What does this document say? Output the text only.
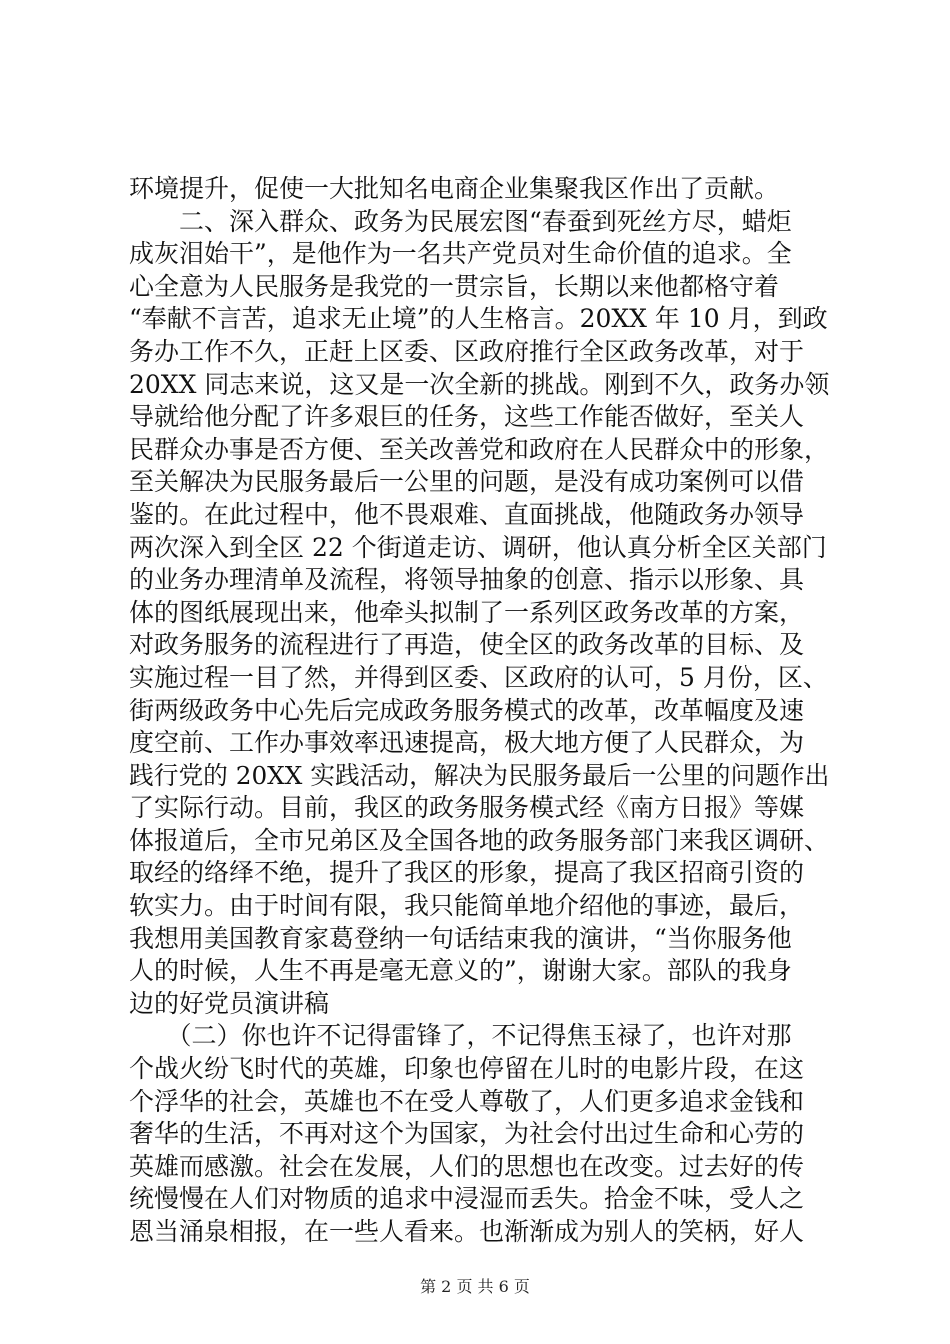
环境提升，促使一大批知名电商企业集聚我区作出了贡献。
　　二、深入群众、政务为民展宏图“春蚕到死丝方尽，蜡炬
成灰泪始干”，是他作为一名共产党员对生命价值的追求。全
心全意为人民服务是我党的一贯宗旨，长期以来他都格守着
“奉献不言苦，追求无止境”的人生格言。20XX 年 10 月，到政
务办工作不久，正赶上区委、区政府推行全区政务改革，对于
20XX 同志来说，这又是一次全新的挑战。刚到不久，政务办领
导就给他分配了许多艰巨的任务，这些工作能否做好，至关人
民群众办事是否方便、至关改善党和政府在人民群众中的形象，
至关解决为民服务最后一公里的问题，是没有成功案例可以借
鉴的。在此过程中，他不畏艰难、直面挑战，他随政务办领导
两次深入到全区 22 个街道走访、调研，他认真分析全区关部门
的业务办理清单及流程，将领导抽象的创意、指示以形象、具
体的图纸展现出来，他牵头拟制了一系列区政务改革的方案，
对政务服务的流程进行了再造，使全区的政务改革的目标、及
实施过程一目了然，并得到区委、区政府的认可，5 月份，区、
街两级政务中心先后完成政务服务模式的改革，改革幅度及速
度空前、工作办事效率迅速提高，极大地方便了人民群众，为
践行党的 20XX 实践活动，解决为民服务最后一公里的问题作出
了实际行动。目前，我区的政务服务模式经《南方日报》等媒
体报道后，全市兄弟区及全国各地的政务服务部门来我区调研、
取经的络绎不绝，提升了我区的形象，提高了我区招商引资的
软实力。由于时间有限，我只能简单地介绍他的事迹，最后，
我想用美国教育家葛登纳一句话结束我的演讲，“当你服务他
人的时候，人生不再是毫无意义的”，谢谢大家。部队的我身
边的好党员演讲稿
　　（二）你也许不记得雷锋了，不记得焦玉禄了，也许对那
个战火纷飞时代的英雄，印象也停留在儿时的电影片段，在这
个浮华的社会，英雄也不在受人尊敬了，人们更多追求金钱和
奢华的生活，不再对这个为国家，为社会付出过生命和心劳的
英雄而感激。社会在发展，人们的思想也在改变。过去好的传
统慢慢在人们对物质的追求中浸湿而丢失。拾金不味，受人之
恩当涌泉相报，在一些人看来。也渐渐成为别人的笑柄，好人
第 2 页 共 6 页
